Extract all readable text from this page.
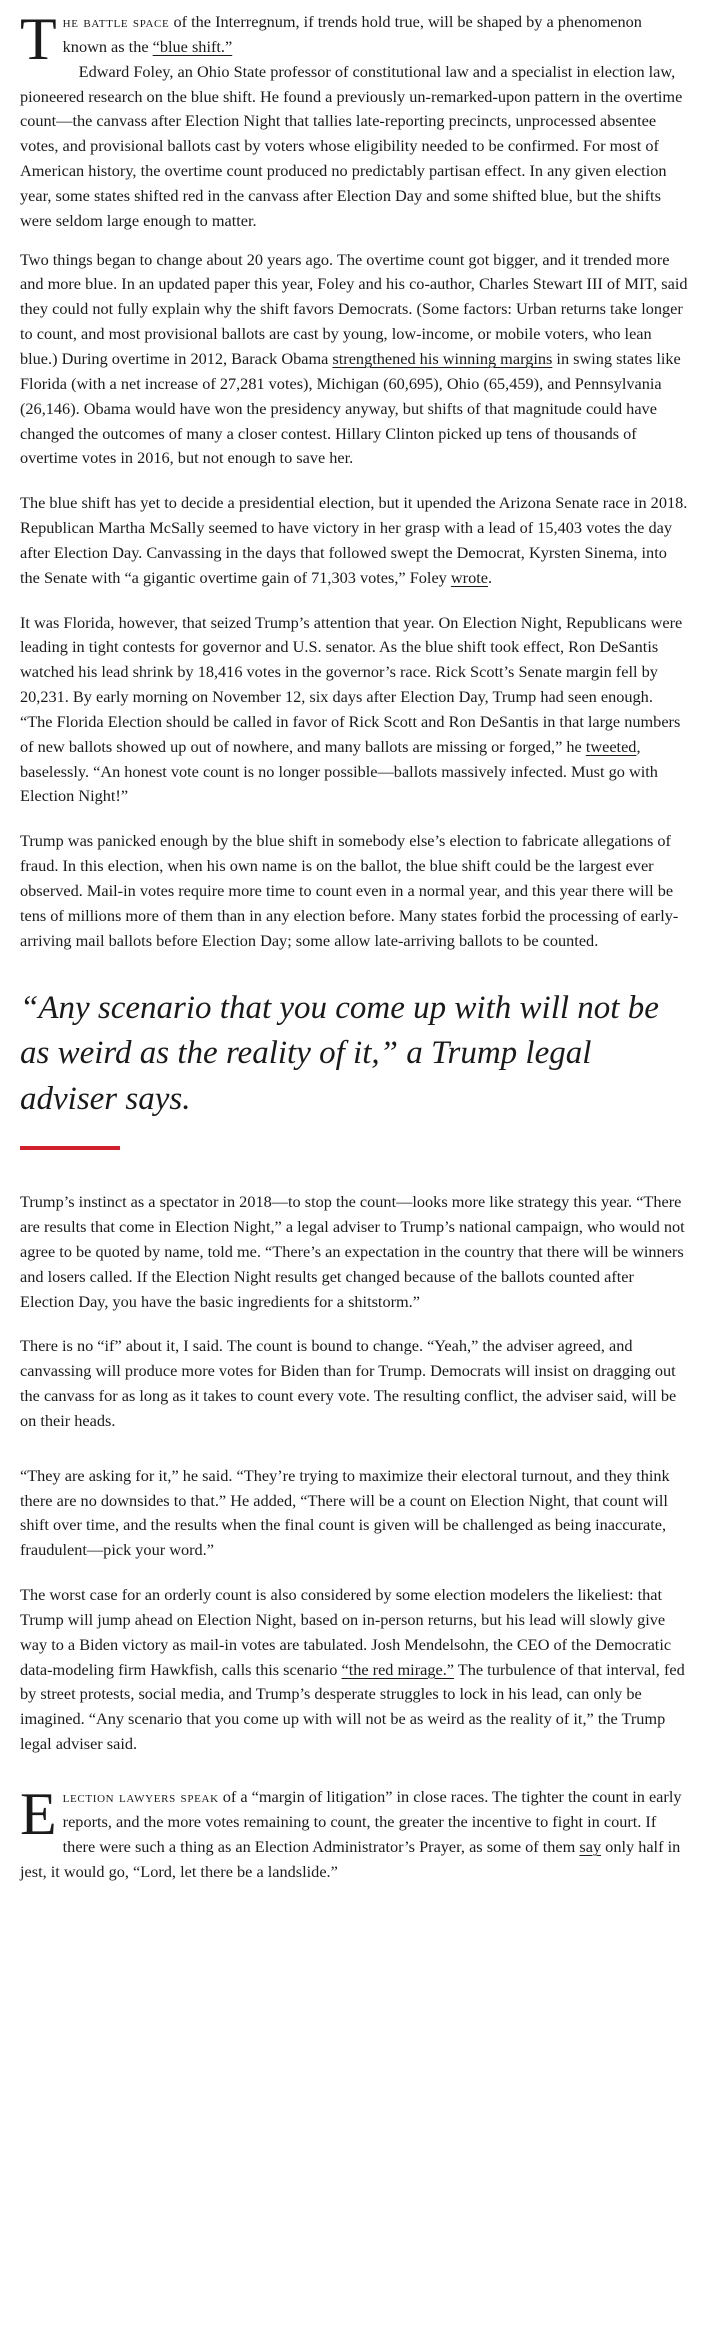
T he battle space of the Interregnum, if trends hold true, will be shaped by a phenomenon known as the “blue shift.”
Edward Foley, an Ohio State professor of constitutional law and a specialist in election law, pioneered research on the blue shift. He found a previously un-remarked-upon pattern in the overtime count—the canvass after Election Night that tallies late-reporting precincts, unprocessed absentee votes, and provisional ballots cast by voters whose eligibility needed to be confirmed. For most of American history, the overtime count produced no predictably partisan effect. In any given election year, some states shifted red in the canvass after Election Day and some shifted blue, but the shifts were seldom large enough to matter.

Two things began to change about 20 years ago. The overtime count got bigger, and it trended more and more blue. In an updated paper this year, Foley and his co-author, Charles Stewart III of MIT, said they could not fully explain why the shift favors Democrats. (Some factors: Urban returns take longer to count, and most provisional ballots are cast by young, low-income, or mobile voters, who lean blue.) During overtime in 2012, Barack Obama strengthened his winning margins in swing states like Florida (with a net increase of 27,281 votes), Michigan (60,695), Ohio (65,459), and Pennsylvania (26,146). Obama would have won the presidency anyway, but shifts of that magnitude could have changed the outcomes of many a closer contest. Hillary Clinton picked up tens of thousands of overtime votes in 2016, but not enough to save her.

The blue shift has yet to decide a presidential election, but it upended the Arizona Senate race in 2018. Republican Martha McSally seemed to have victory in her grasp with a lead of 15,403 votes the day after Election Day. Canvassing in the days that followed swept the Democrat, Kyrsten Sinema, into the Senate with “a gigantic overtime gain of 71,303 votes,” Foley wrote.

It was Florida, however, that seized Trump’s attention that year. On Election Night, Republicans were leading in tight contests for governor and U.S. senator. As the blue shift took effect, Ron DeSantis watched his lead shrink by 18,416 votes in the governor’s race. Rick Scott’s Senate margin fell by 20,231. By early morning on November 12, six days after Election Day, Trump had seen enough. “The Florida Election should be called in favor of Rick Scott and Ron DeSantis in that large numbers of new ballots showed up out of nowhere, and many ballots are missing or forged,” he tweeted, baselessly. “An honest vote count is no longer possible—ballots massively infected. Must go with Election Night!”

Trump was panicked enough by the blue shift in somebody else’s election to fabricate allegations of fraud. In this election, when his own name is on the ballot, the blue shift could be the largest ever observed. Mail-in votes require more time to count even in a normal year, and this year there will be tens of millions more of them than in any election before. Many states forbid the processing of early-arriving mail ballots before Election Day; some allow late-arriving ballots to be counted.

“Any scenario that you come up with will not be as weird as the reality of it,” a Trump legal adviser says.

Trump’s instinct as a spectator in 2018—to stop the count—looks more like strategy this year. “There are results that come in Election Night,” a legal adviser to Trump’s national campaign, who would not agree to be quoted by name, told me. “There’s an expectation in the country that there will be winners and losers called. If the Election Night results get changed because of the ballots counted after Election Day, you have the basic ingredients for a shitstorm.”

There is no “if” about it, I said. The count is bound to change. “Yeah,” the adviser agreed, and canvassing will produce more votes for Biden than for Trump. Democrats will insist on dragging out the canvass for as long as it takes to count every vote. The resulting conflict, the adviser said, will be on their heads.

“They are asking for it,” he said. “They’re trying to maximize their electoral turnout, and they think there are no downsides to that.” He added, “There will be a count on Election Night, that count will shift over time, and the results when the final count is given will be challenged as being inaccurate, fraudulent—pick your word.”

The worst case for an orderly count is also considered by some election modelers the likeliest: that Trump will jump ahead on Election Night, based on in-person returns, but his lead will slowly give way to a Biden victory as mail-in votes are tabulated. Josh Mendelsohn, the CEO of the Democratic data-modeling firm Hawkfish, calls this scenario “the red mirage.” The turbulence of that interval, fed by street protests, social media, and Trump’s desperate struggles to lock in his lead, can only be imagined. “Any scenario that you come up with will not be as weird as the reality of it,” the Trump legal adviser said.

E lection lawyers speak of a “margin of litigation” in close races. The tighter the count in early reports, and the more votes remaining to count, the greater the incentive to fight in court. If there were such a thing as an Election Administrator’s Prayer, as some of them say only half in jest, it would go, “Lord, let there be a landslide.”
